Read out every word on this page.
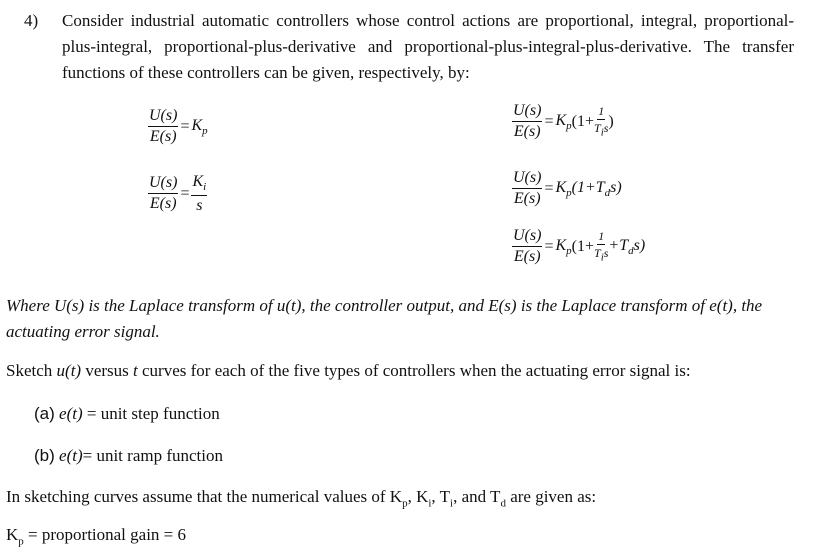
4) Consider industrial automatic controllers whose control actions are proportional, integral, proportional-plus-integral, proportional-plus-derivative and proportional-plus-integral-plus-derivative. The transfer functions of these controllers can be given, respectively, by:
$\frac{U(s)}{E(s)} = K_p$
$\frac{U(s)}{E(s)} = \frac{K_i}{s}$
$\frac{U(s)}{E(s)} = K_p$ ($1+ \frac{1}{T_is}$ )
$\frac{U(s)}{E(s)} = K_p$ $(1+T_ds)$
$\frac{U(s)}{E(s)} = K_p$ $(1+ \frac{1}{T_is} +T_ds)$
Where U(s) is the Laplace transform of u(t), the controller output, and E(s) is the Laplace transform of e(t), the actuating error signal.
Sketch u(t) versus t curves for each of the five types of controllers when the actuating error signal is:
(a) e(t) = unit step function
(b) e(t)= unit ramp function
In sketching curves assume that the numerical values of $K_p$, $K_i$, $T_i$, and $T_d$ are given as:
$K_p$ = proportional gain = 6
